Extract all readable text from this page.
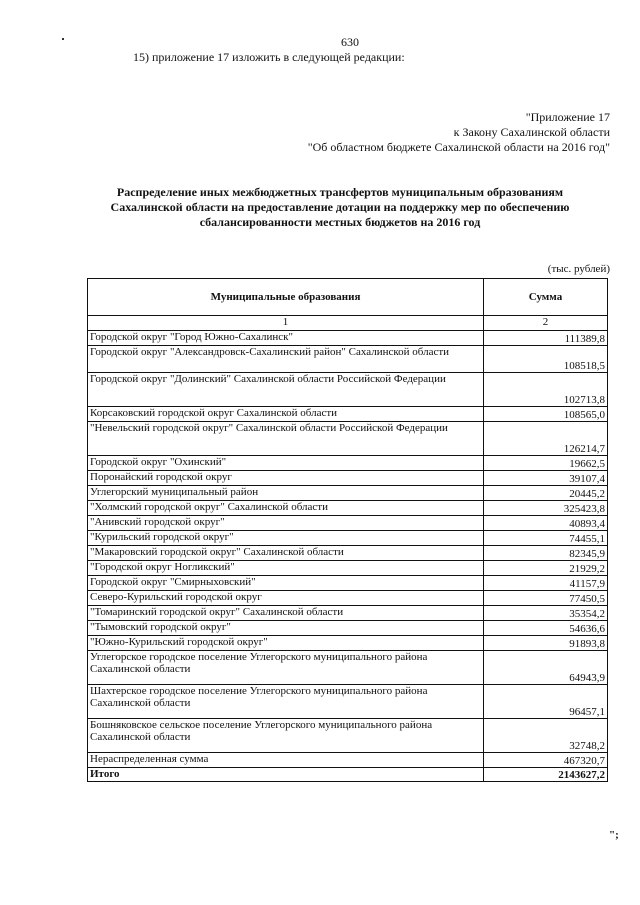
630
15) приложение 17 изложить в следующей редакции:
"Приложение 17
к Закону Сахалинской области
"Об областном бюджете Сахалинской области на 2016 год"
Распределение иных межбюджетных трансфертов муниципальным образованиям
Сахалинской области на предоставление дотации на поддержку мер по обеспечению
сбалансированности местных бюджетов на 2016 год
(тыс. рублей)
Муниципальные образования	Сумма
1	2
Городской округ "Город Южно-Сахалинск"	111389,8
Городской округ "Александровск-Сахалинский район" Сахалинской области	108518,5
Городской округ "Долинский" Сахалинской области Российской Федерации	102713,8
Корсаковский городской округ Сахалинской области	108565,0
"Невельский городской округ" Сахалинской области Российской Федерации	126214,7
Городской округ "Охинский"	19662,5
Поронайский городской округ	39107,4
Углегорский муниципальный район	20445,2
"Холмский городской округ" Сахалинской области	325423,8
"Анивский городской округ"	40893,4
"Курильский городской округ"	74455,1
"Макаровский городской округ" Сахалинской области	82345,9
"Городской округ Ногликский"	21929,2
Городской округ "Смирныховский"	41157,9
Северо-Курильский городской округ	77450,5
"Томаринский городской округ" Сахалинской области	35354,2
"Тымовский городской округ"	54636,6
"Южно-Курильский городской округ"	91893,8
Углегорское городское поселение Углегорского муниципального района Сахалинской области	64943,9
Шахтерское городское поселение Углегорского муниципального района Сахалинской области	96457,1
Бошняковское сельское поселение Углегорского муниципального района Сахалинской области	32748,2
Нераспределенная сумма	467320,7
Итого	2143627,2
";
